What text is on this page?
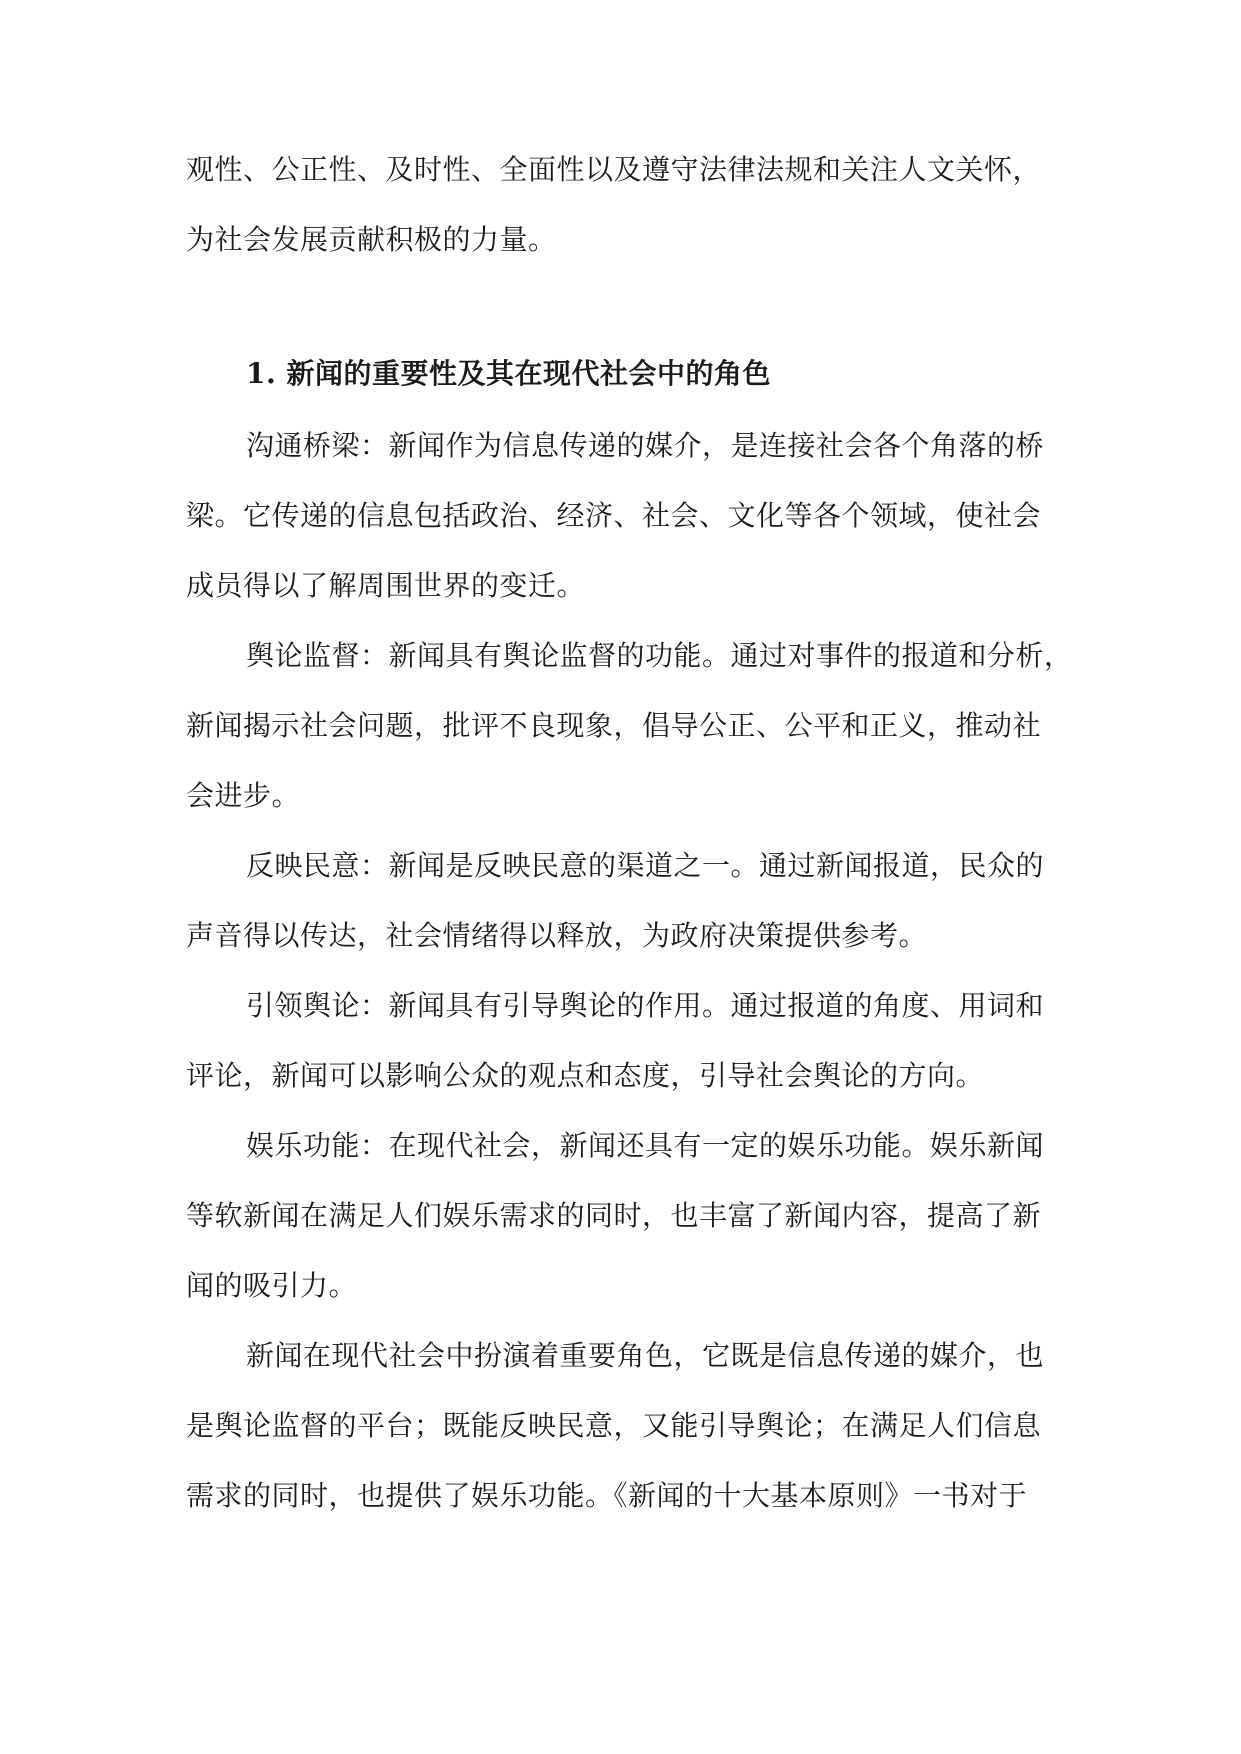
观性、公正性、及时性、全面性以及遵守法律法规和关注人文关怀，

为社会发展贡献积极的力量。

1. 新闻的重要性及其在现代社会中的角色

沟通桥梁：新闻作为信息传递的媒介，是连接社会各个角落的桥

梁。它传递的信息包括政治、经济、社会、文化等各个领域，使社会

成员得以了解周围世界的变迁。

舆论监督：新闻具有舆论监督的功能。通过对事件的报道和分析，

新闻揭示社会问题，批评不良现象，倡导公正、公平和正义，推动社

会进步。

反映民意：新闻是反映民意的渠道之一。通过新闻报道，民众的

声音得以传达，社会情绪得以释放，为政府决策提供参考。

引领舆论：新闻具有引导舆论的作用。通过报道的角度、用词和

评论，新闻可以影响公众的观点和态度，引导社会舆论的方向。

娱乐功能：在现代社会，新闻还具有一定的娱乐功能。娱乐新闻

等软新闻在满足人们娱乐需求的同时，也丰富了新闻内容，提高了新

闻的吸引力。

新闻在现代社会中扮演着重要角色，它既是信息传递的媒介，也

是舆论监督的平台；既能反映民意，又能引导舆论；在满足人们信息

需求的同时，也提供了娱乐功能。《新闻的十大基本原则》一书对于
